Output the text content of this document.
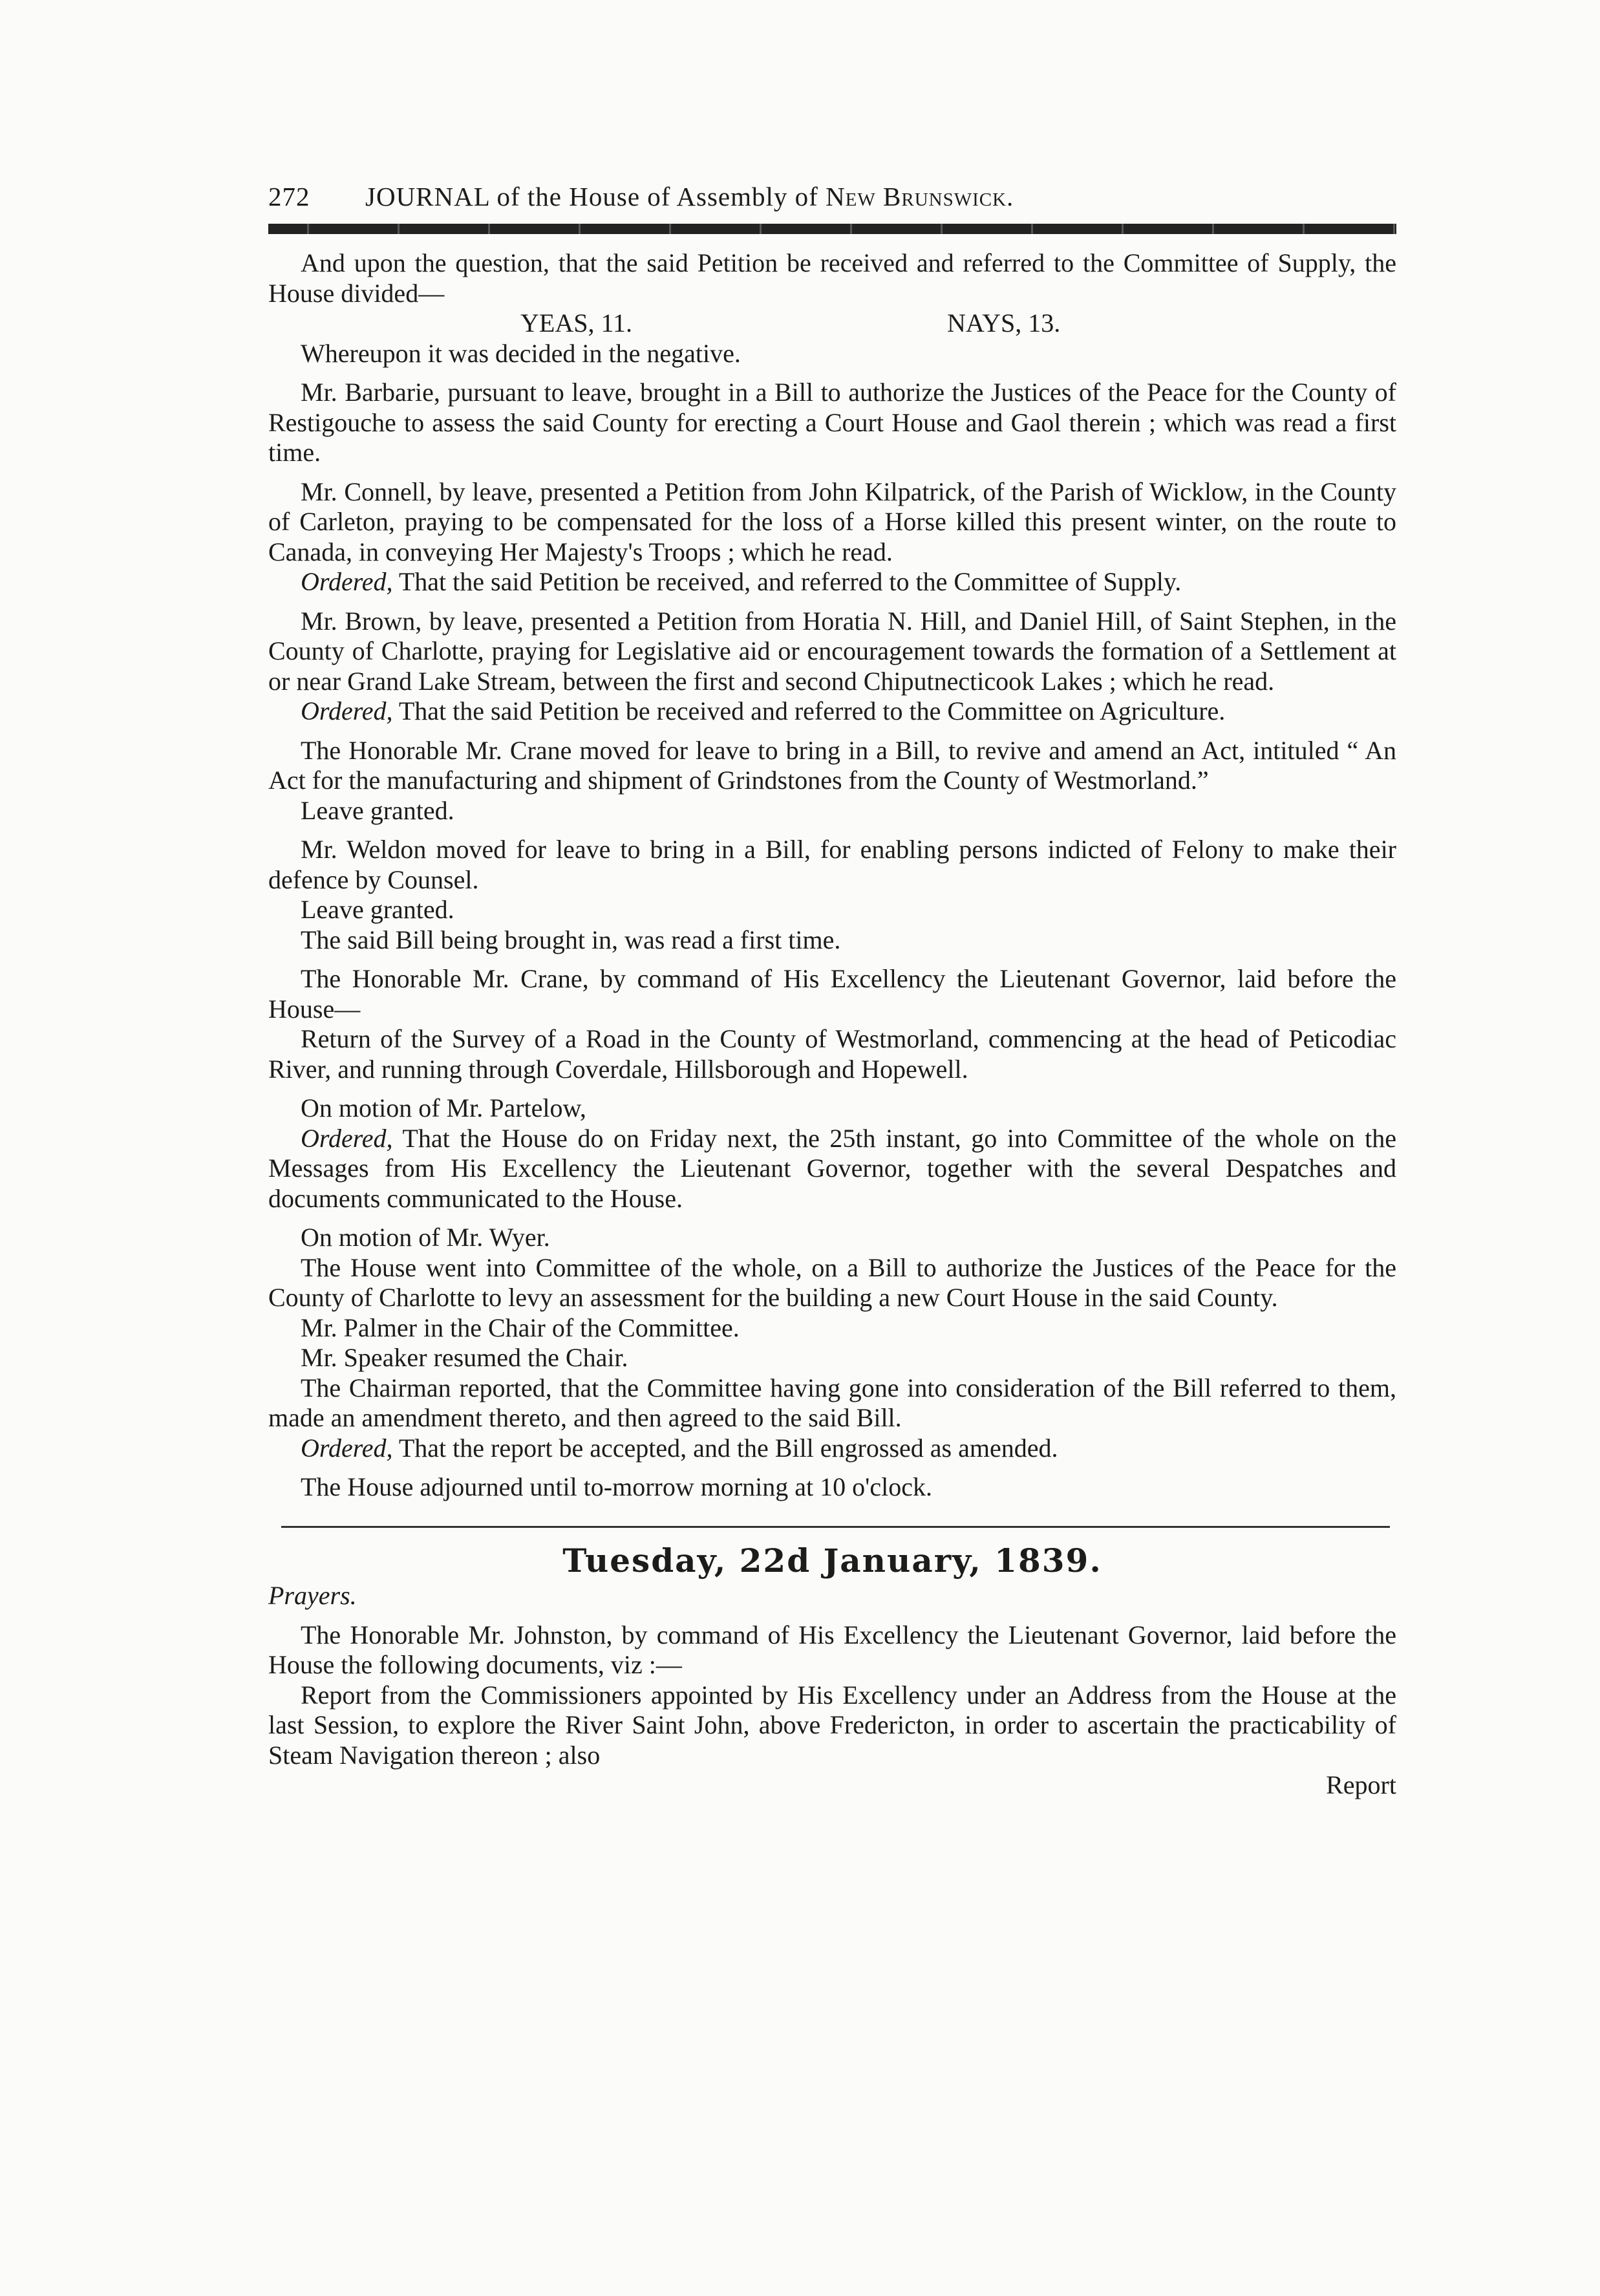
272	JOURNAL of the House of Assembly of New Brunswick.

And upon the question, that the said Petition be received and referred to the Committee of Supply, the House divided—

YEAS, 11.	NAYS, 13.

Whereupon it was decided in the negative.

Mr. Barbarie, pursuant to leave, brought in a Bill to authorize the Justices of the Peace for the County of Restigouche to assess the said County for erecting a Court House and Gaol therein ; which was read a first time.

Mr. Connell, by leave, presented a Petition from John Kilpatrick, of the Parish of Wicklow, in the County of Carleton, praying to be compensated for the loss of a Horse killed this present winter, on the route to Canada, in conveying Her Majesty's Troops ; which he read.

Ordered, That the said Petition be received, and referred to the Committee of Supply.

Mr. Brown, by leave, presented a Petition from Horatia N. Hill, and Daniel Hill, of Saint Stephen, in the County of Charlotte, praying for Legislative aid or encouragement towards the formation of a Settlement at or near Grand Lake Stream, between the first and second Chiputnecticook Lakes ; which he read.

Ordered, That the said Petition be received and referred to the Committee on Agriculture.

The Honorable Mr. Crane moved for leave to bring in a Bill, to revive and amend an Act, intituled “ An Act for the manufacturing and shipment of Grindstones from the County of Westmorland.”

Leave granted.

Mr. Weldon moved for leave to bring in a Bill, for enabling persons indicted of Felony to make their defence by Counsel.

Leave granted.

The said Bill being brought in, was read a first time.

The Honorable Mr. Crane, by command of His Excellency the Lieutenant Governor, laid before the House—

Return of the Survey of a Road in the County of Westmorland, commencing at the head of Peticodiac River, and running through Coverdale, Hillsborough and Hopewell.

On motion of Mr. Partelow,

Ordered, That the House do on Friday next, the 25th instant, go into Committee of the whole on the Messages from His Excellency the Lieutenant Governor, together with the several Despatches and documents communicated to the House.

On motion of Mr. Wyer.

The House went into Committee of the whole, on a Bill to authorize the Justices of the Peace for the County of Charlotte to levy an assessment for the building a new Court House in the said County.

Mr. Palmer in the Chair of the Committee.

Mr. Speaker resumed the Chair.

The Chairman reported, that the Committee having gone into consideration of the Bill referred to them, made an amendment thereto, and then agreed to the said Bill.

Ordered, That the report be accepted, and the Bill engrossed as amended.

The House adjourned until to-morrow morning at 10 o'clock.

Tuesday, 22d January, 1839.
Prayers.

The Honorable Mr. Johnston, by command of His Excellency the Lieutenant Governor, laid before the House the following documents, viz :—

Report from the Commissioners appointed by His Excellency under an Address from the House at the last Session, to explore the River Saint John, above Fredericton, in order to ascertain the practicability of Steam Navigation thereon ; also

Report
